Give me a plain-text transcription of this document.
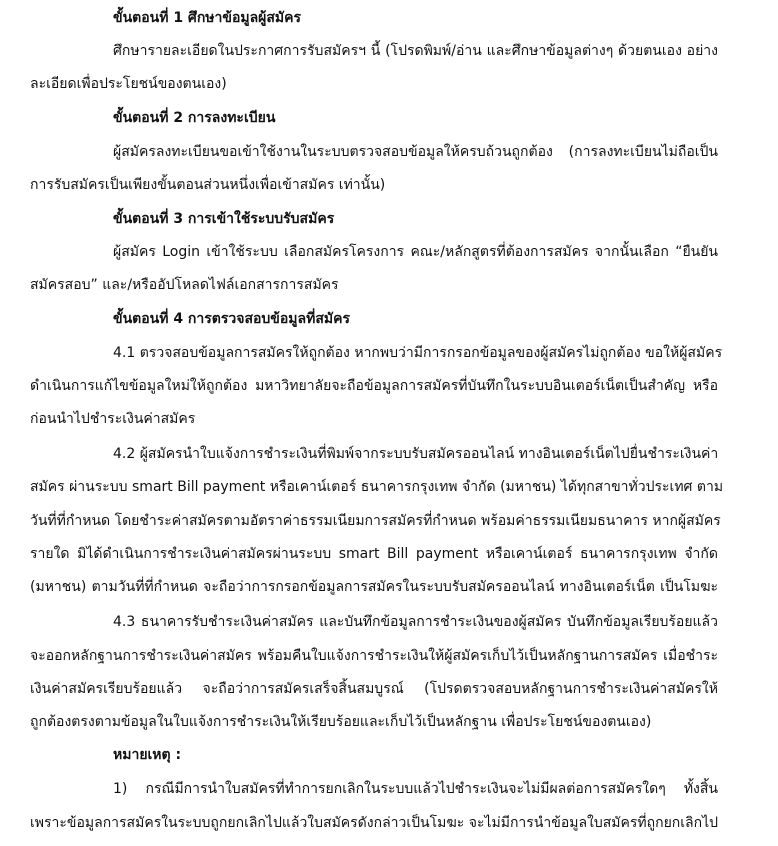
ขั้นตอนที่ 1 ศึกษาข้อมูลผู้สมัคร
ศึกษารายละเอียดในประกาศการรับสมัครฯ นี้ (โปรดพิมพ์/อ่าน และศึกษาข้อมูลต่างๆ ด้วยตนเอง อย่าง
ละเอียดเพื่อประโยชน์ของตนเอง)
ขั้นตอนที่ 2 การลงทะเบียน
ผู้สมัครลงทะเบียนขอเข้าใช้งานในระบบตรวจสอบข้อมูลให้ครบถ้วนถูกต้อง (การลงทะเบียนไม่ถือเป็น
การรับสมัครเป็นเพียงขั้นตอนส่วนหนึ่งเพื่อเข้าสมัคร เท่านั้น)
ขั้นตอนที่ 3 การเข้าใช้ระบบรับสมัคร
ผู้สมัคร Login เข้าใช้ระบบ เลือกสมัครโครงการ คณะ/หลักสูตรที่ต้องการสมัคร จากนั้นเลือก “ยืนยัน
สมัครสอบ” และ/หรืออัปโหลดไฟล์เอกสารการสมัคร
ขั้นตอนที่ 4 การตรวจสอบข้อมูลที่สมัคร
4.1 ตรวจสอบข้อมูลการสมัครให้ถูกต้อง หากพบว่ามีการกรอกข้อมูลของผู้สมัครไม่ถูกต้อง ขอให้ผู้สมัคร
ดำเนินการแก้ไขข้อมูลใหม่ให้ถูกต้อง มหาวิทยาลัยจะถือข้อมูลการสมัครที่บันทึกในระบบอินเตอร์เน็ตเป็นสำคัญ หรือ
ก่อนนำไปชำระเงินค่าสมัคร
4.2 ผู้สมัครนำใบแจ้งการชำระเงินที่พิมพ์จากระบบรับสมัครออนไลน์ ทางอินเตอร์เน็ตไปยื่นชำระเงินค่า
สมัคร ผ่านระบบ smart Bill payment หรือเคาน์เตอร์ ธนาคารกรุงเทพ จำกัด (มหาชน) ได้ทุกสาขาทั่วประเทศ ตาม
วันที่ที่กำหนด โดยชำระค่าสมัครตามอัตราค่าธรรมเนียมการสมัครที่กำหนด พร้อมค่าธรรมเนียมธนาคาร หากผู้สมัคร
รายใด มิได้ดำเนินการชำระเงินค่าสมัครผ่านระบบ smart Bill payment หรือเคาน์เตอร์ ธนาคารกรุงเทพ จำกัด
(มหาชน) ตามวันที่ที่กำหนด จะถือว่าการกรอกข้อมูลการสมัครในระบบรับสมัครออนไลน์ ทางอินเตอร์เน็ต เป็นโมฆะ
4.3 ธนาคารรับชำระเงินค่าสมัคร และบันทึกข้อมูลการชำระเงินของผู้สมัคร บันทึกข้อมูลเรียบร้อยแล้ว
จะออกหลักฐานการชำระเงินค่าสมัคร พร้อมคืนใบแจ้งการชำระเงินให้ผู้สมัครเก็บไว้เป็นหลักฐานการสมัคร เมื่อชำระ
เงินค่าสมัครเรียบร้อยแล้ว จะถือว่าการสมัครเสร็จสิ้นสมบูรณ์ (โปรดตรวจสอบหลักฐานการชำระเงินค่าสมัครให้
ถูกต้องตรงตามข้อมูลในใบแจ้งการชำระเงินให้เรียบร้อยและเก็บไว้เป็นหลักฐาน เพื่อประโยชน์ของตนเอง)
หมายเหตุ :
1) กรณีมีการนำใบสมัครที่ทำการยกเลิกในระบบแล้วไปชำระเงินจะไม่มีผลต่อการสมัครใดๆ ทั้งสิ้น
เพราะข้อมูลการสมัครในระบบถูกยกเลิกไปแล้วใบสมัครดังกล่าวเป็นโมฆะ จะไม่มีการนำข้อมูลใบสมัครที่ถูกยกเลิกไป
